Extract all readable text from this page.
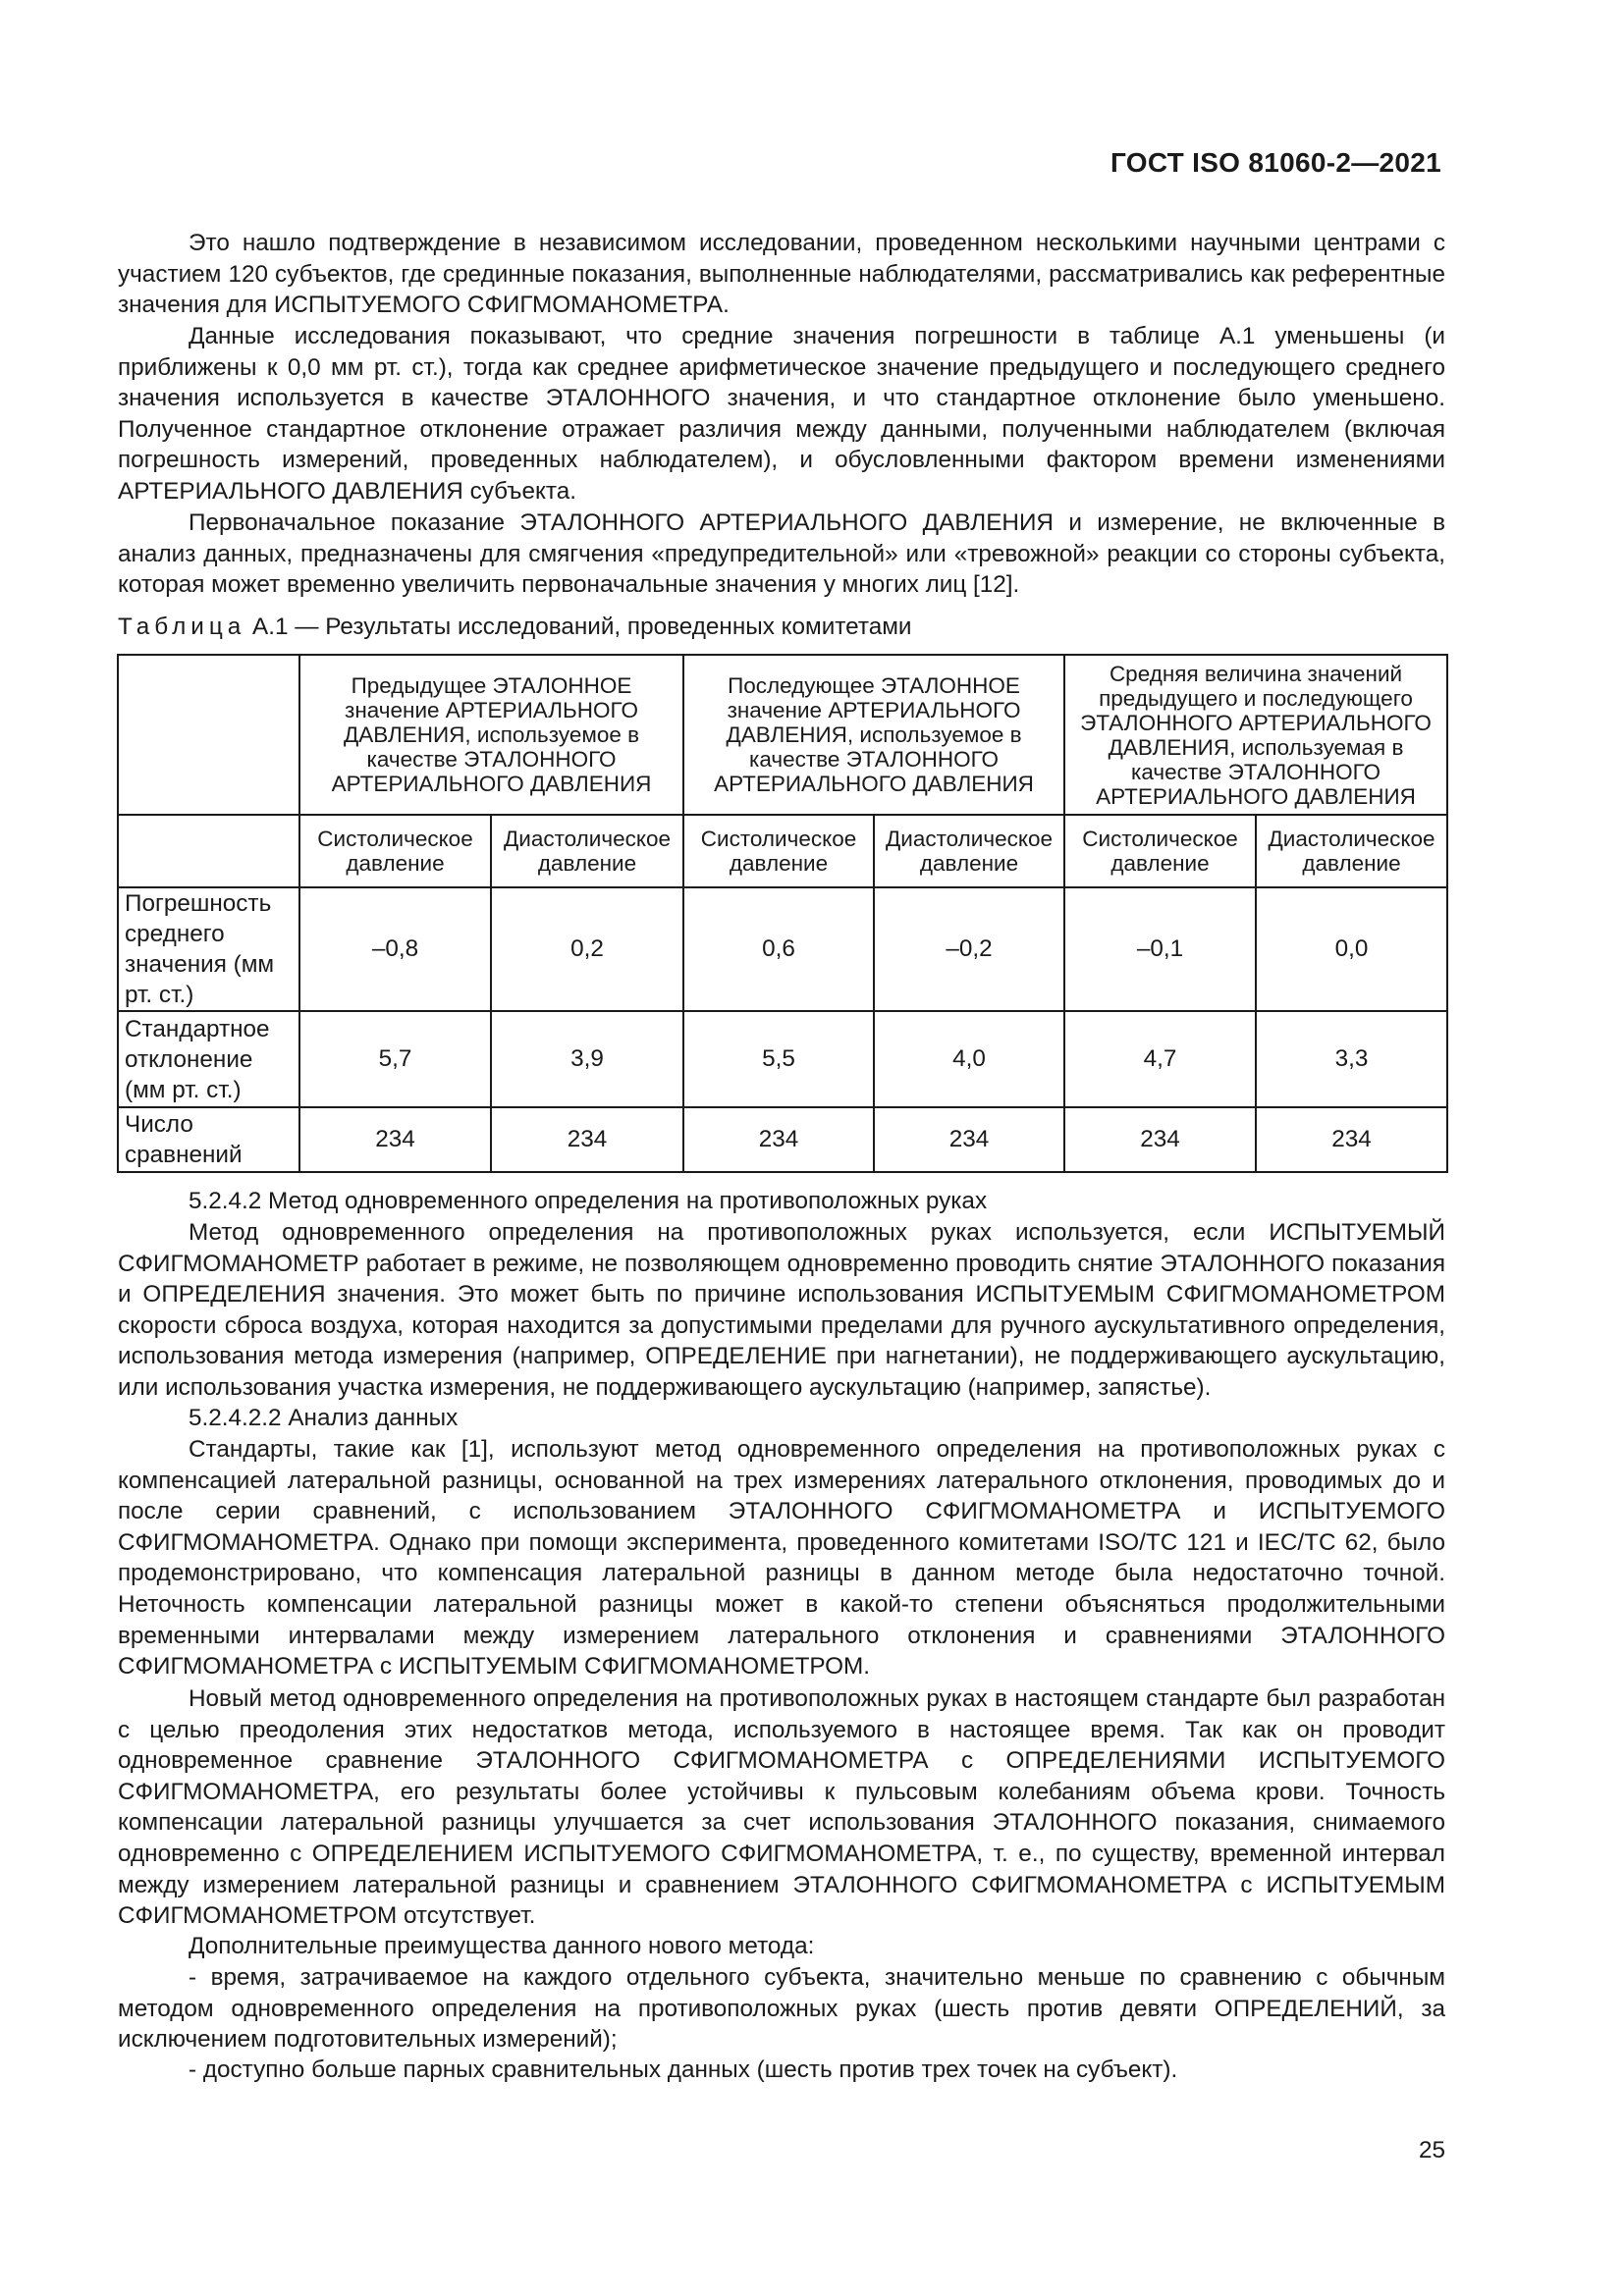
ГОСТ ISO 81060-2—2021

Это нашло подтверждение в независимом исследовании, проведенном несколькими научными центрами с участием 120 субъектов, где срединные показания, выполненные наблюдателями, рассматривались как референтные значения для ИСПЫТУЕМОГО СФИГМОМАНОМЕТРА.

Данные исследования показывают, что средние значения погрешности в таблице А.1 уменьшены (и приближены к 0,0 мм рт. ст.), тогда как среднее арифметическое значение предыдущего и последующего среднего значения используется в качестве ЭТАЛОННОГО значения, и что стандартное отклонение было уменьшено. Полученное стандартное отклонение отражает различия между данными, полученными наблюдателем (включая погрешность измерений, проведенных наблюдателем), и обусловленными фактором времени изменениями АРТЕРИАЛЬНОГО ДАВЛЕНИЯ субъекта.

Первоначальное показание ЭТАЛОННОГО АРТЕРИАЛЬНОГО ДАВЛЕНИЯ и измерение, не включенные в анализ данных, предназначены для смягчения «предупредительной» или «тревожной» реакции со стороны субъекта, которая может временно увеличить первоначальные значения у многих лиц [12].

Таблица А.1 — Результаты исследований, проведенных комитетами
	Предыдущее ЭТАЛОННОЕ значение АРТЕРИАЛЬНОГО ДАВЛЕНИЯ, используемое в качестве ЭТАЛОННОГО АРТЕРИАЛЬНОГО ДАВЛЕНИЯ		Последующее ЭТАЛОННОЕ значение АРТЕРИАЛЬНОГО ДАВЛЕНИЯ, используемое в качестве ЭТАЛОННОГО АРТЕРИАЛЬНОГО ДАВЛЕНИЯ		Средняя величина значений предыдущего и последующего ЭТАЛОННОГО АРТЕРИАЛЬНОГО ДАВЛЕНИЯ, используемая в качестве ЭТАЛОННОГО АРТЕРИАЛЬНОГО ДАВЛЕНИЯ	
	Систолическое давление	Диастолическое давление	Систолическое давление	Диастолическое давление	Систолическое давление	Диастолическое давление
Погрешность среднего значения (мм рт. ст.)	–0,8	0,2	0,6	–0,2	–0,1	0,0
Стандартное отклонение (мм рт. ст.)	5,7	3,9	5,5	4,0	4,7	3,3
Число сравнений	234	234	234	234	234	234

5.2.4.2 Метод одновременного определения на противоположных руках

Метод одновременного определения на противоположных руках используется, если ИСПЫТУЕМЫЙ СФИГМОМАНОМЕТР работает в режиме, не позволяющем одновременно проводить снятие ЭТАЛОННОГО показания и ОПРЕДЕЛЕНИЯ значения. Это может быть по причине использования ИСПЫТУЕМЫМ СФИГМОМАНОМЕТРОМ скорости сброса воздуха, которая находится за допустимыми пределами для ручного аускультативного определения, использования метода измерения (например, ОПРЕДЕЛЕНИЕ при нагнетании), не поддерживающего аускультацию, или использования участка измерения, не поддерживающего аускультацию (например, запястье).

5.2.4.2.2 Анализ данных

Стандарты, такие как [1], используют метод одновременного определения на противоположных руках с компенсацией латеральной разницы, основанной на трех измерениях латерального отклонения, проводимых до и после серии сравнений, с использованием ЭТАЛОННОГО СФИГМОМАНОМЕТРА и ИСПЫТУЕМОГО СФИГМОМАНОМЕТРА. Однако при помощи эксперимента, проведенного комитетами ISO/TC 121 и IEC/TC 62, было продемонстрировано, что компенсация латеральной разницы в данном методе была недостаточно точной. Неточность компенсации латеральной разницы может в какой-то степени объясняться продолжительными временными интервалами между измерением латерального отклонения и сравнениями ЭТАЛОННОГО СФИГМОМАНОМЕТРА с ИСПЫТУЕМЫМ СФИГМОМАНОМЕТРОМ.

Новый метод одновременного определения на противоположных руках в настоящем стандарте был разработан с целью преодоления этих недостатков метода, используемого в настоящее время. Так как он проводит одновременное сравнение ЭТАЛОННОГО СФИГМОМАНОМЕТРА с ОПРЕДЕЛЕНИЯМИ ИСПЫТУЕМОГО СФИГМОМАНОМЕТРА, его результаты более устойчивы к пульсовым колебаниям объема крови. Точность компенсации латеральной разницы улучшается за счет использования ЭТАЛОННОГО показания, снимаемого одновременно с ОПРЕДЕЛЕНИЕМ ИСПЫТУЕМОГО СФИГМОМАНОМЕТРА, т. е., по существу, временной интервал между измерением латеральной разницы и сравнением ЭТАЛОННОГО СФИГМОМАНОМЕТРА с ИСПЫТУЕМЫМ СФИГМОМАНОМЕТРОМ отсутствует.

Дополнительные преимущества данного нового метода:

- время, затрачиваемое на каждого отдельного субъекта, значительно меньше по сравнению с обычным методом одновременного определения на противоположных руках (шесть против девяти ОПРЕДЕЛЕНИЙ, за исключением подготовительных измерений);

- доступно больше парных сравнительных данных (шесть против трех точек на субъект).

25
